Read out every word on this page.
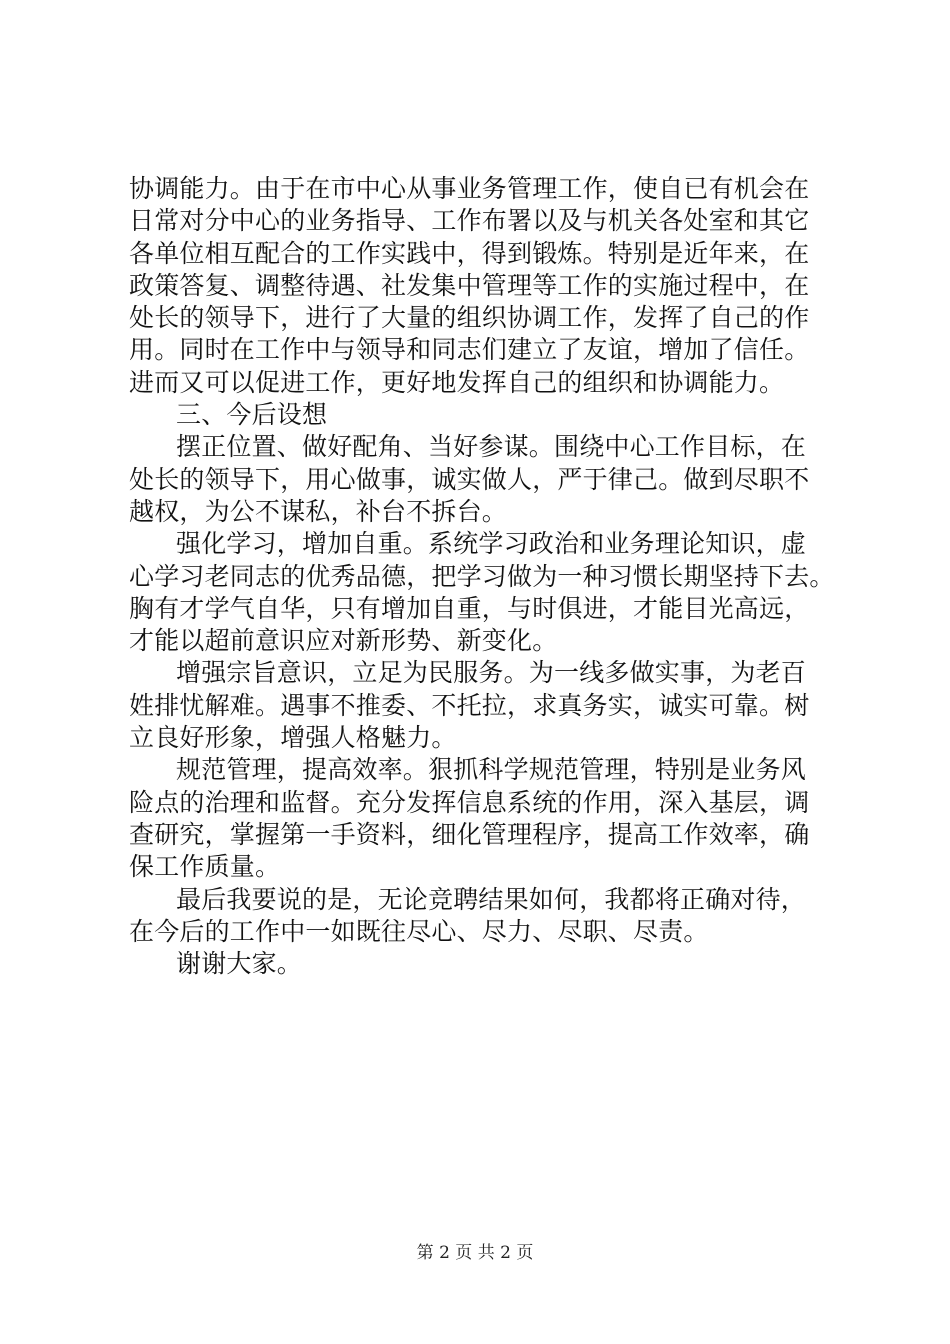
协调能力。由于在市中心从事业务管理工作，使自已有机会在
日常对分中心的业务指导、工作布署以及与机关各处室和其它
各单位相互配合的工作实践中，得到锻炼。特别是近年来，在
政策答复、调整待遇、社发集中管理等工作的实施过程中，在
处长的领导下，进行了大量的组织协调工作，发挥了自己的作
用。同时在工作中与领导和同志们建立了友谊，增加了信任。
进而又可以促进工作，更好地发挥自己的组织和协调能力。
三、今后设想
摆正位置、做好配角、当好参谋。围绕中心工作目标，在
处长的领导下，用心做事，诚实做人，严于律己。做到尽职不
越权，为公不谋私，补台不拆台。
强化学习，增加自重。系统学习政治和业务理论知识，虚
心学习老同志的优秀品德，把学习做为一种习惯长期坚持下去。
胸有才学气自华，只有增加自重，与时俱进，才能目光高远，
才能以超前意识应对新形势、新变化。
增强宗旨意识，立足为民服务。为一线多做实事，为老百
姓排忧解难。遇事不推委、不托拉，求真务实，诚实可靠。树
立良好形象，增强人格魅力。
规范管理，提高效率。狠抓科学规范管理，特别是业务风
险点的治理和监督。充分发挥信息系统的作用，深入基层，调
查研究，掌握第一手资料，细化管理程序，提高工作效率，确
保工作质量。
最后我要说的是，无论竞聘结果如何，我都将正确对待，
在今后的工作中一如既往尽心、尽力、尽职、尽责。
谢谢大家。
第 2 页 共 2 页
